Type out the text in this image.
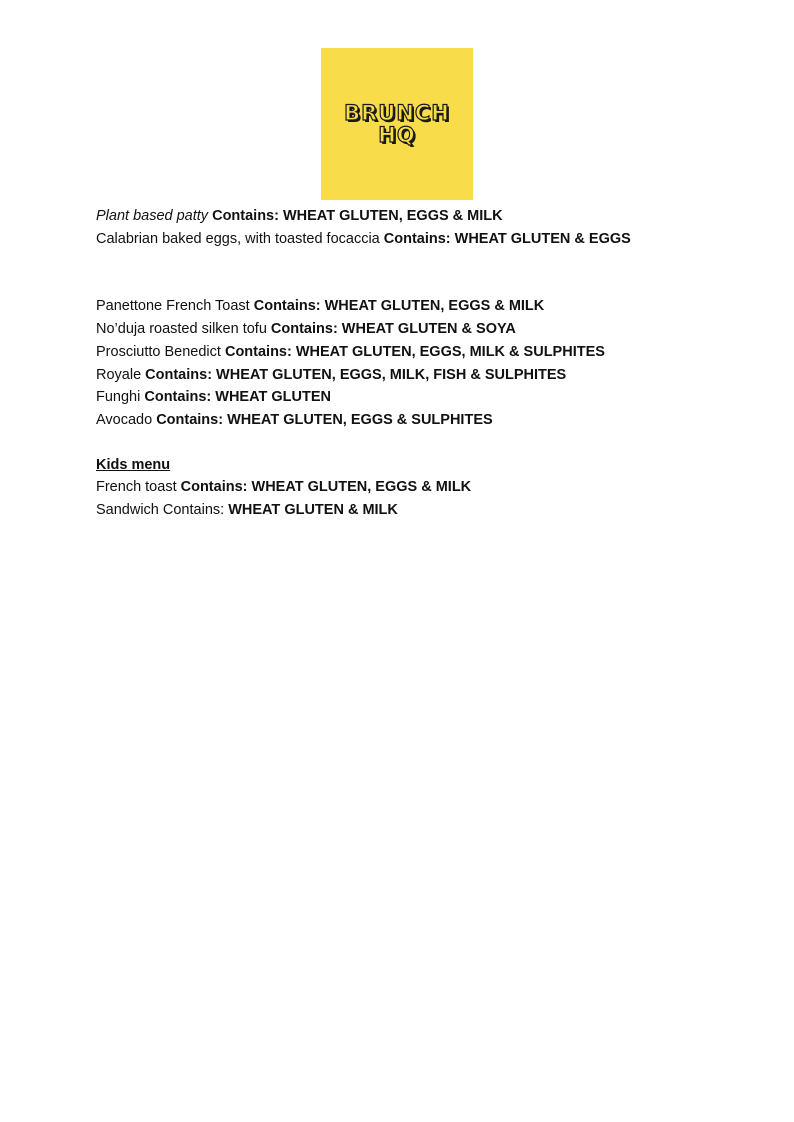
BRUNCH
HQ
Plant based patty Contains: WHEAT GLUTEN, EGGS & MILK
Calabrian baked eggs, with toasted focaccia Contains: WHEAT GLUTEN & EGGS
Panettone French Toast Contains: WHEAT GLUTEN, EGGS & MILK
No’duja roasted silken tofu Contains: WHEAT GLUTEN & SOYA
Prosciutto Benedict Contains: WHEAT GLUTEN, EGGS, MILK & SULPHITES
Royale Contains: WHEAT GLUTEN, EGGS, MILK, FISH & SULPHITES
Funghi Contains: WHEAT GLUTEN
Avocado Contains: WHEAT GLUTEN, EGGS & SULPHITES
Kids menu
French toast Contains: WHEAT GLUTEN, EGGS & MILK
Sandwich Contains: WHEAT GLUTEN & MILK
